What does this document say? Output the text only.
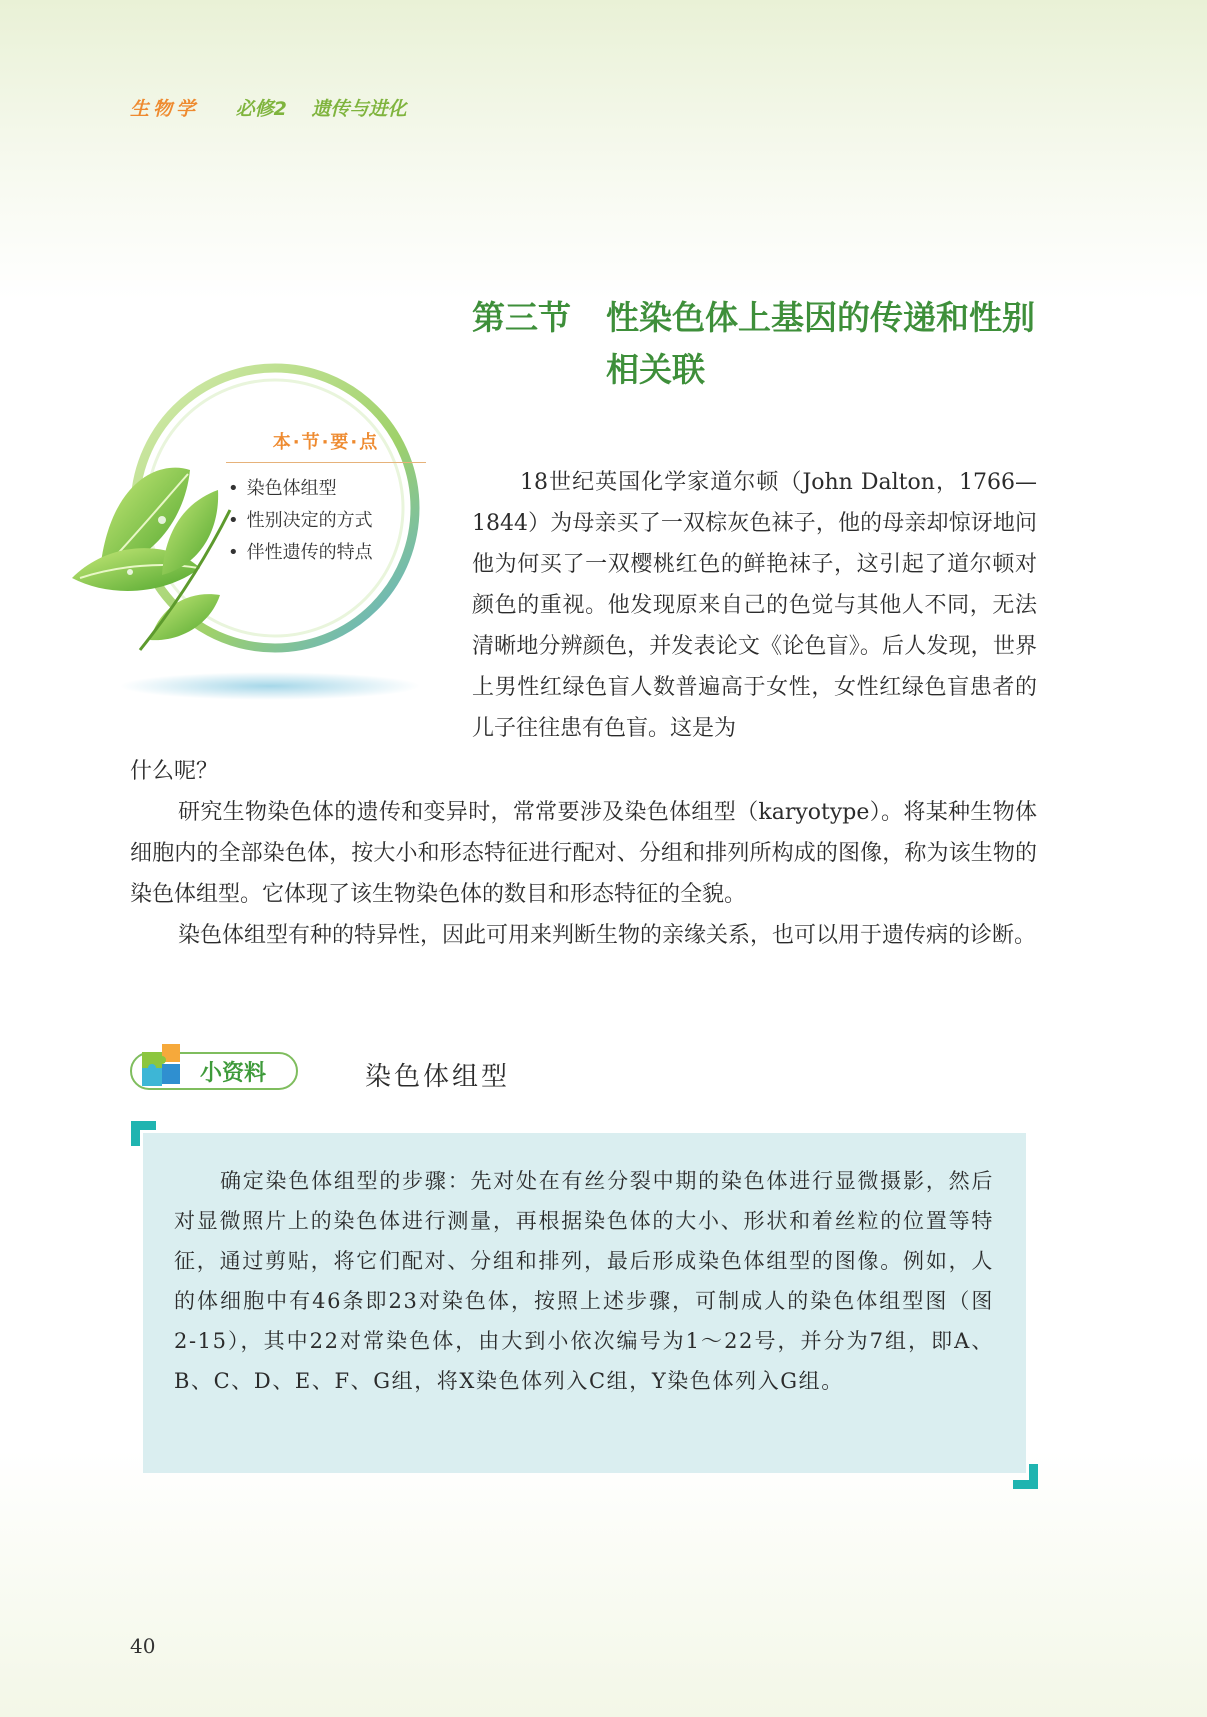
生物学 必修2 遗传与进化
第三节 性染色体上基因的传递和性别相关联
本·节·要·点
• 染色体组型
• 性别决定的方式
• 伴性遗传的特点

18世纪英国化学家道尔顿（John Dalton，1766—1844）为母亲买了一双棕灰色袜子，他的母亲却惊讶地问他为何买了一双樱桃红色的鲜艳袜子，这引起了道尔顿对颜色的重视。他发现原来自己的色觉与其他人不同，无法清晰地分辨颜色，并发表论文《论色盲》。后人发现，世界上男性红绿色盲人数普遍高于女性，女性红绿色盲患者的儿子往往患有色盲。这是为

什么呢？

研究生物染色体的遗传和变异时，常常要涉及染色体组型（karyotype）。将某种生物体细胞内的全部染色体，按大小和形态特征进行配对、分组和排列所构成的图像，称为该生物的染色体组型。它体现了该生物染色体的数目和形态特征的全貌。

染色体组型有种的特异性，因此可用来判断生物的亲缘关系，也可以用于遗传病的诊断。

小资料	染色体组型

确定染色体组型的步骤：先对处在有丝分裂中期的染色体进行显微摄影，然后对显微照片上的染色体进行测量，再根据染色体的大小、形状和着丝粒的位置等特征，通过剪贴，将它们配对、分组和排列，最后形成染色体组型的图像。例如，人的体细胞中有46条即23对染色体，按照上述步骤，可制成人的染色体组型图（图2-15），其中22对常染色体，由大到小依次编号为1～22号，并分为7组，即A、B、C、D、E、F、G组，将X染色体列入C组，Y染色体列入G组。

40
